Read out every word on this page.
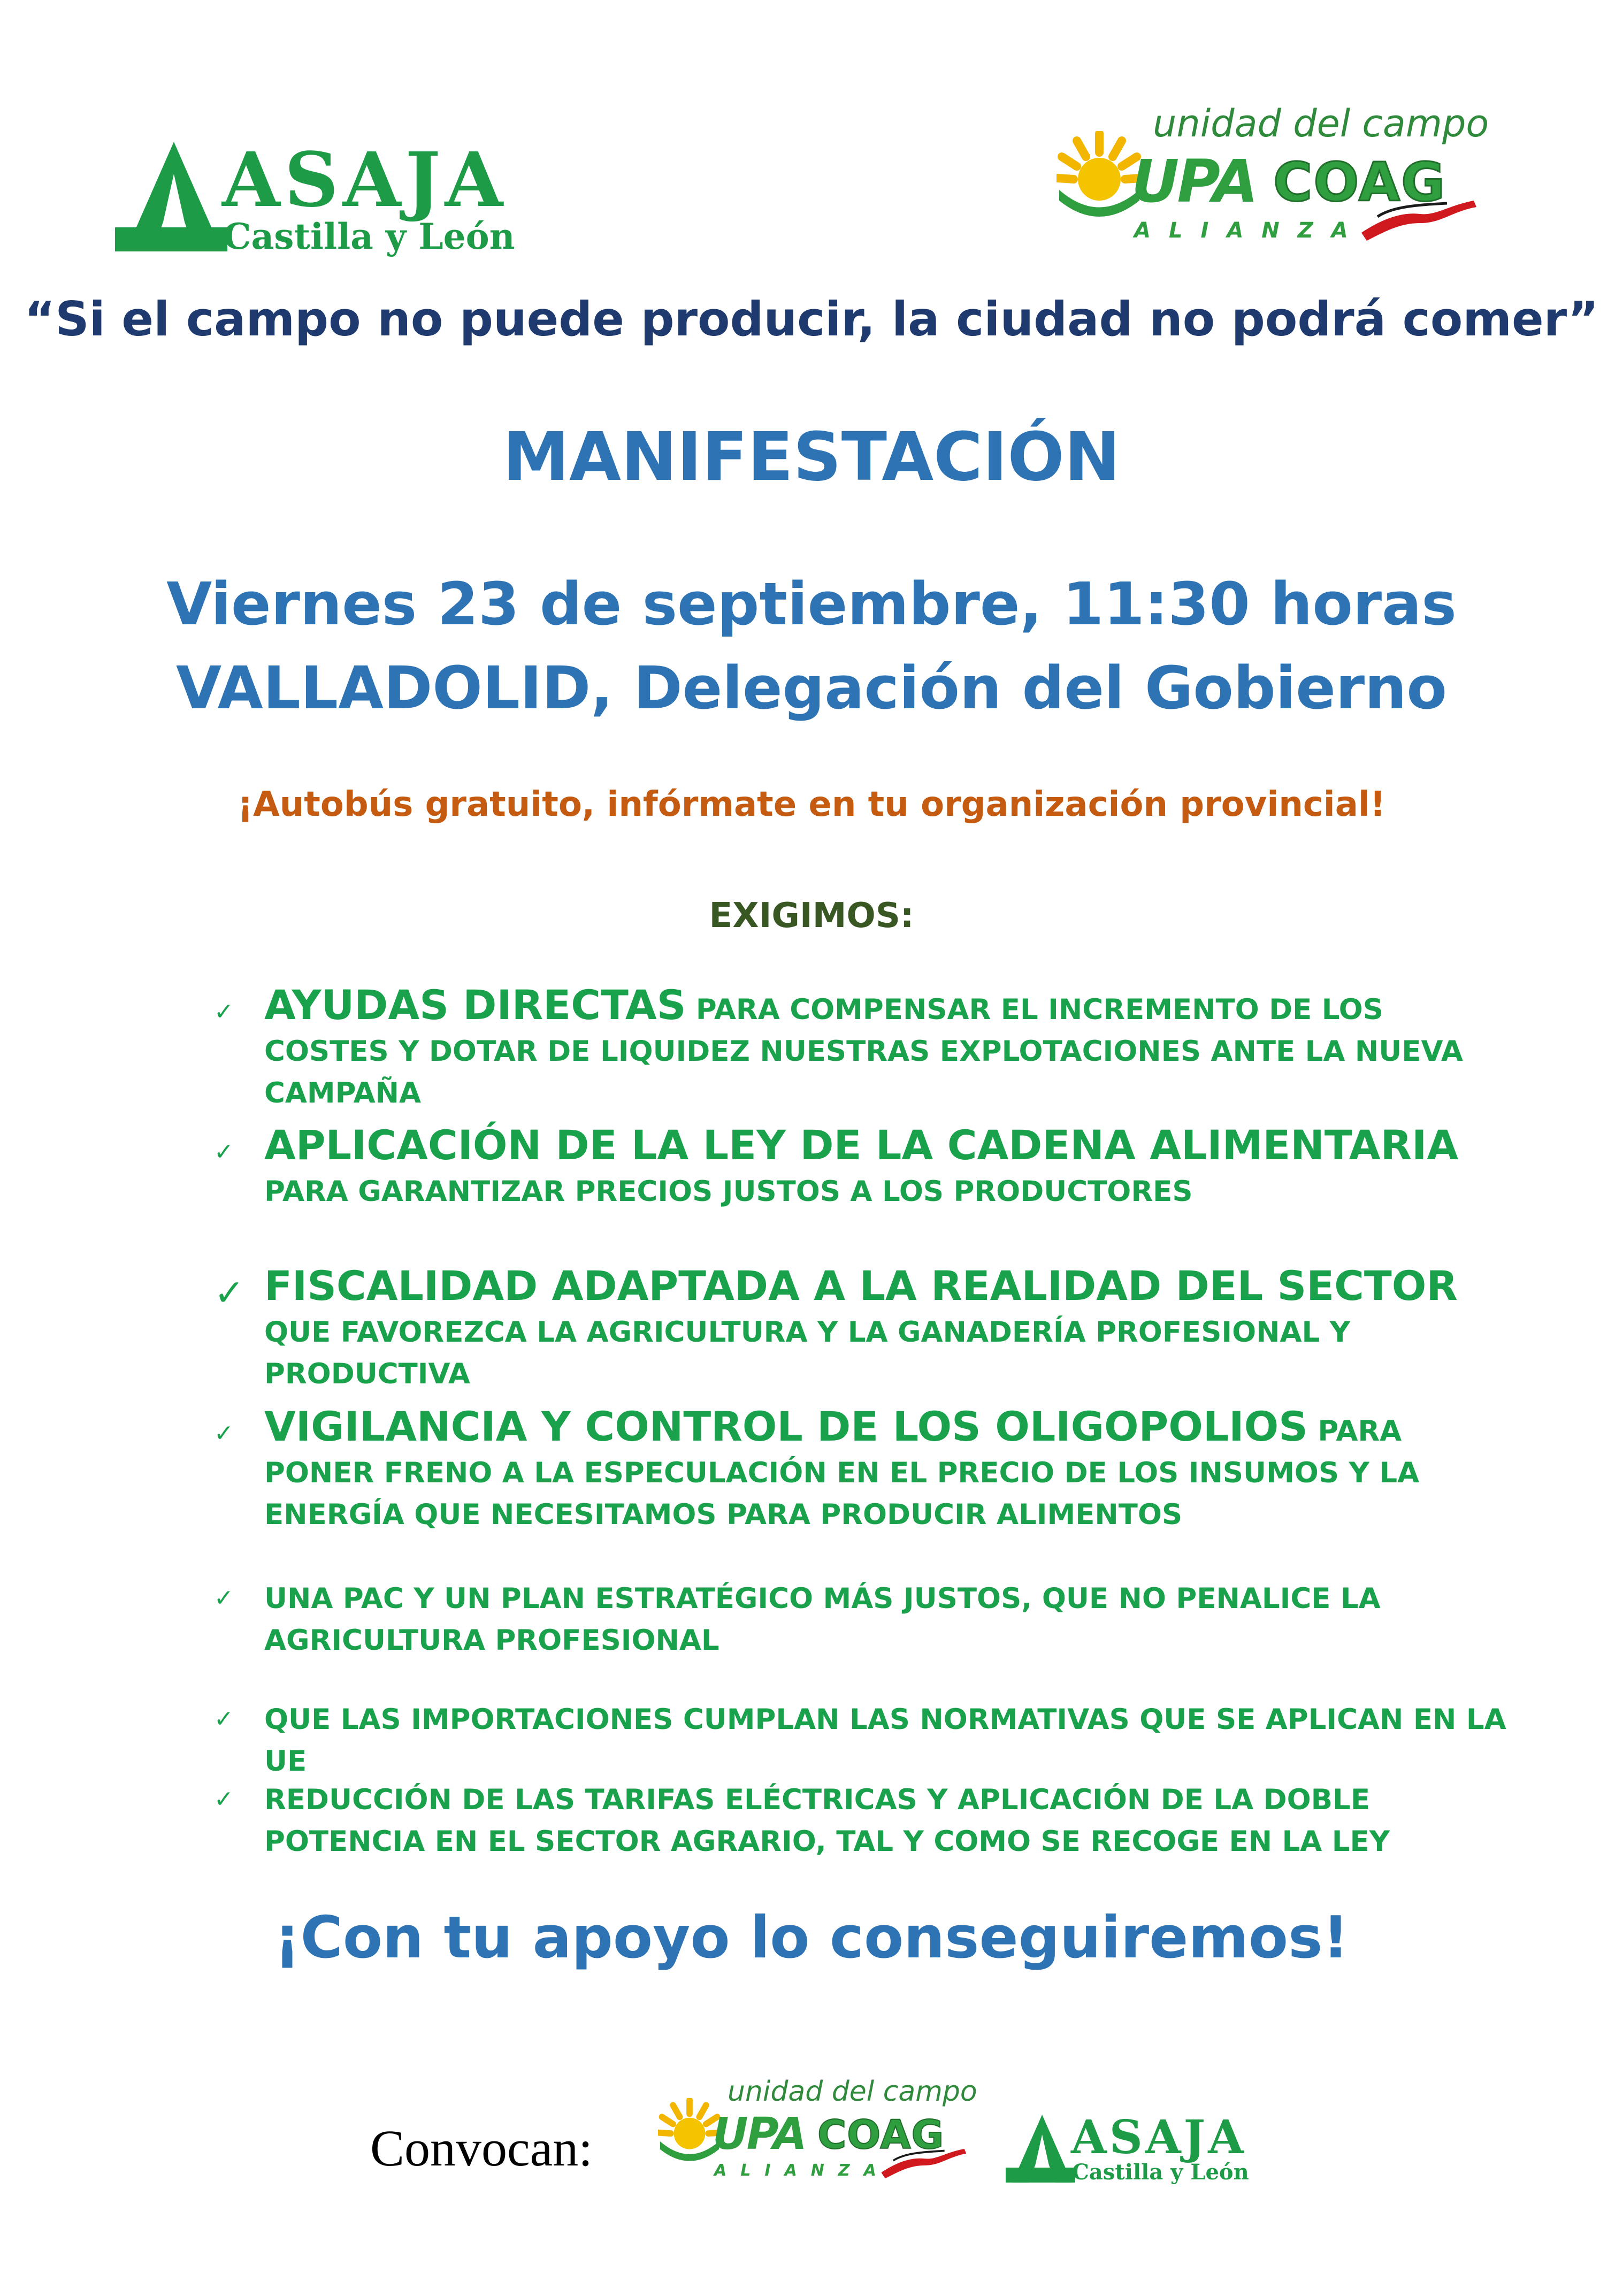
ASAJA
Castilla y León
unidad del campo
UPA COAG
ALIANZA
“Si el campo no puede producir, la ciudad no podrá comer”
MANIFESTACIÓN
Viernes 23 de septiembre, 11:30 horas
VALLADOLID, Delegación del Gobierno
¡Autobús gratuito, infórmate en tu organización provincial!
EXIGIMOS:
✓ AYUDAS DIRECTAS PARA COMPENSAR EL INCREMENTO DE LOS COSTES Y DOTAR DE LIQUIDEZ NUESTRAS EXPLOTACIONES ANTE LA NUEVA CAMPAÑA
✓ APLICACIÓN DE LA LEY DE LA CADENA ALIMENTARIA PARA GARANTIZAR PRECIOS JUSTOS A LOS PRODUCTORES
✓ FISCALIDAD ADAPTADA A LA REALIDAD DEL SECTOR QUE FAVOREZCA LA AGRICULTURA Y LA GANADERÍA PROFESIONAL Y PRODUCTIVA
✓ VIGILANCIA Y CONTROL DE LOS OLIGOPOLIOS PARA PONER FRENO A LA ESPECULACIÓN EN EL PRECIO DE LOS INSUMOS Y LA ENERGÍA QUE NECESITAMOS PARA PRODUCIR ALIMENTOS
✓ UNA PAC Y UN PLAN ESTRATÉGICO MÁS JUSTOS, QUE NO PENALICE LA AGRICULTURA PROFESIONAL
✓ QUE LAS IMPORTACIONES CUMPLAN LAS NORMATIVAS QUE SE APLICAN EN LA UE
✓ REDUCCIÓN DE LAS TARIFAS ELÉCTRICAS Y APLICACIÓN DE LA DOBLE POTENCIA EN EL SECTOR AGRARIO, TAL Y COMO SE RECOGE EN LA LEY
¡Con tu apoyo lo conseguiremos!
Convocan:
unidad del campo
UPA COAG
ALIANZA
ASAJA
Castilla y León
